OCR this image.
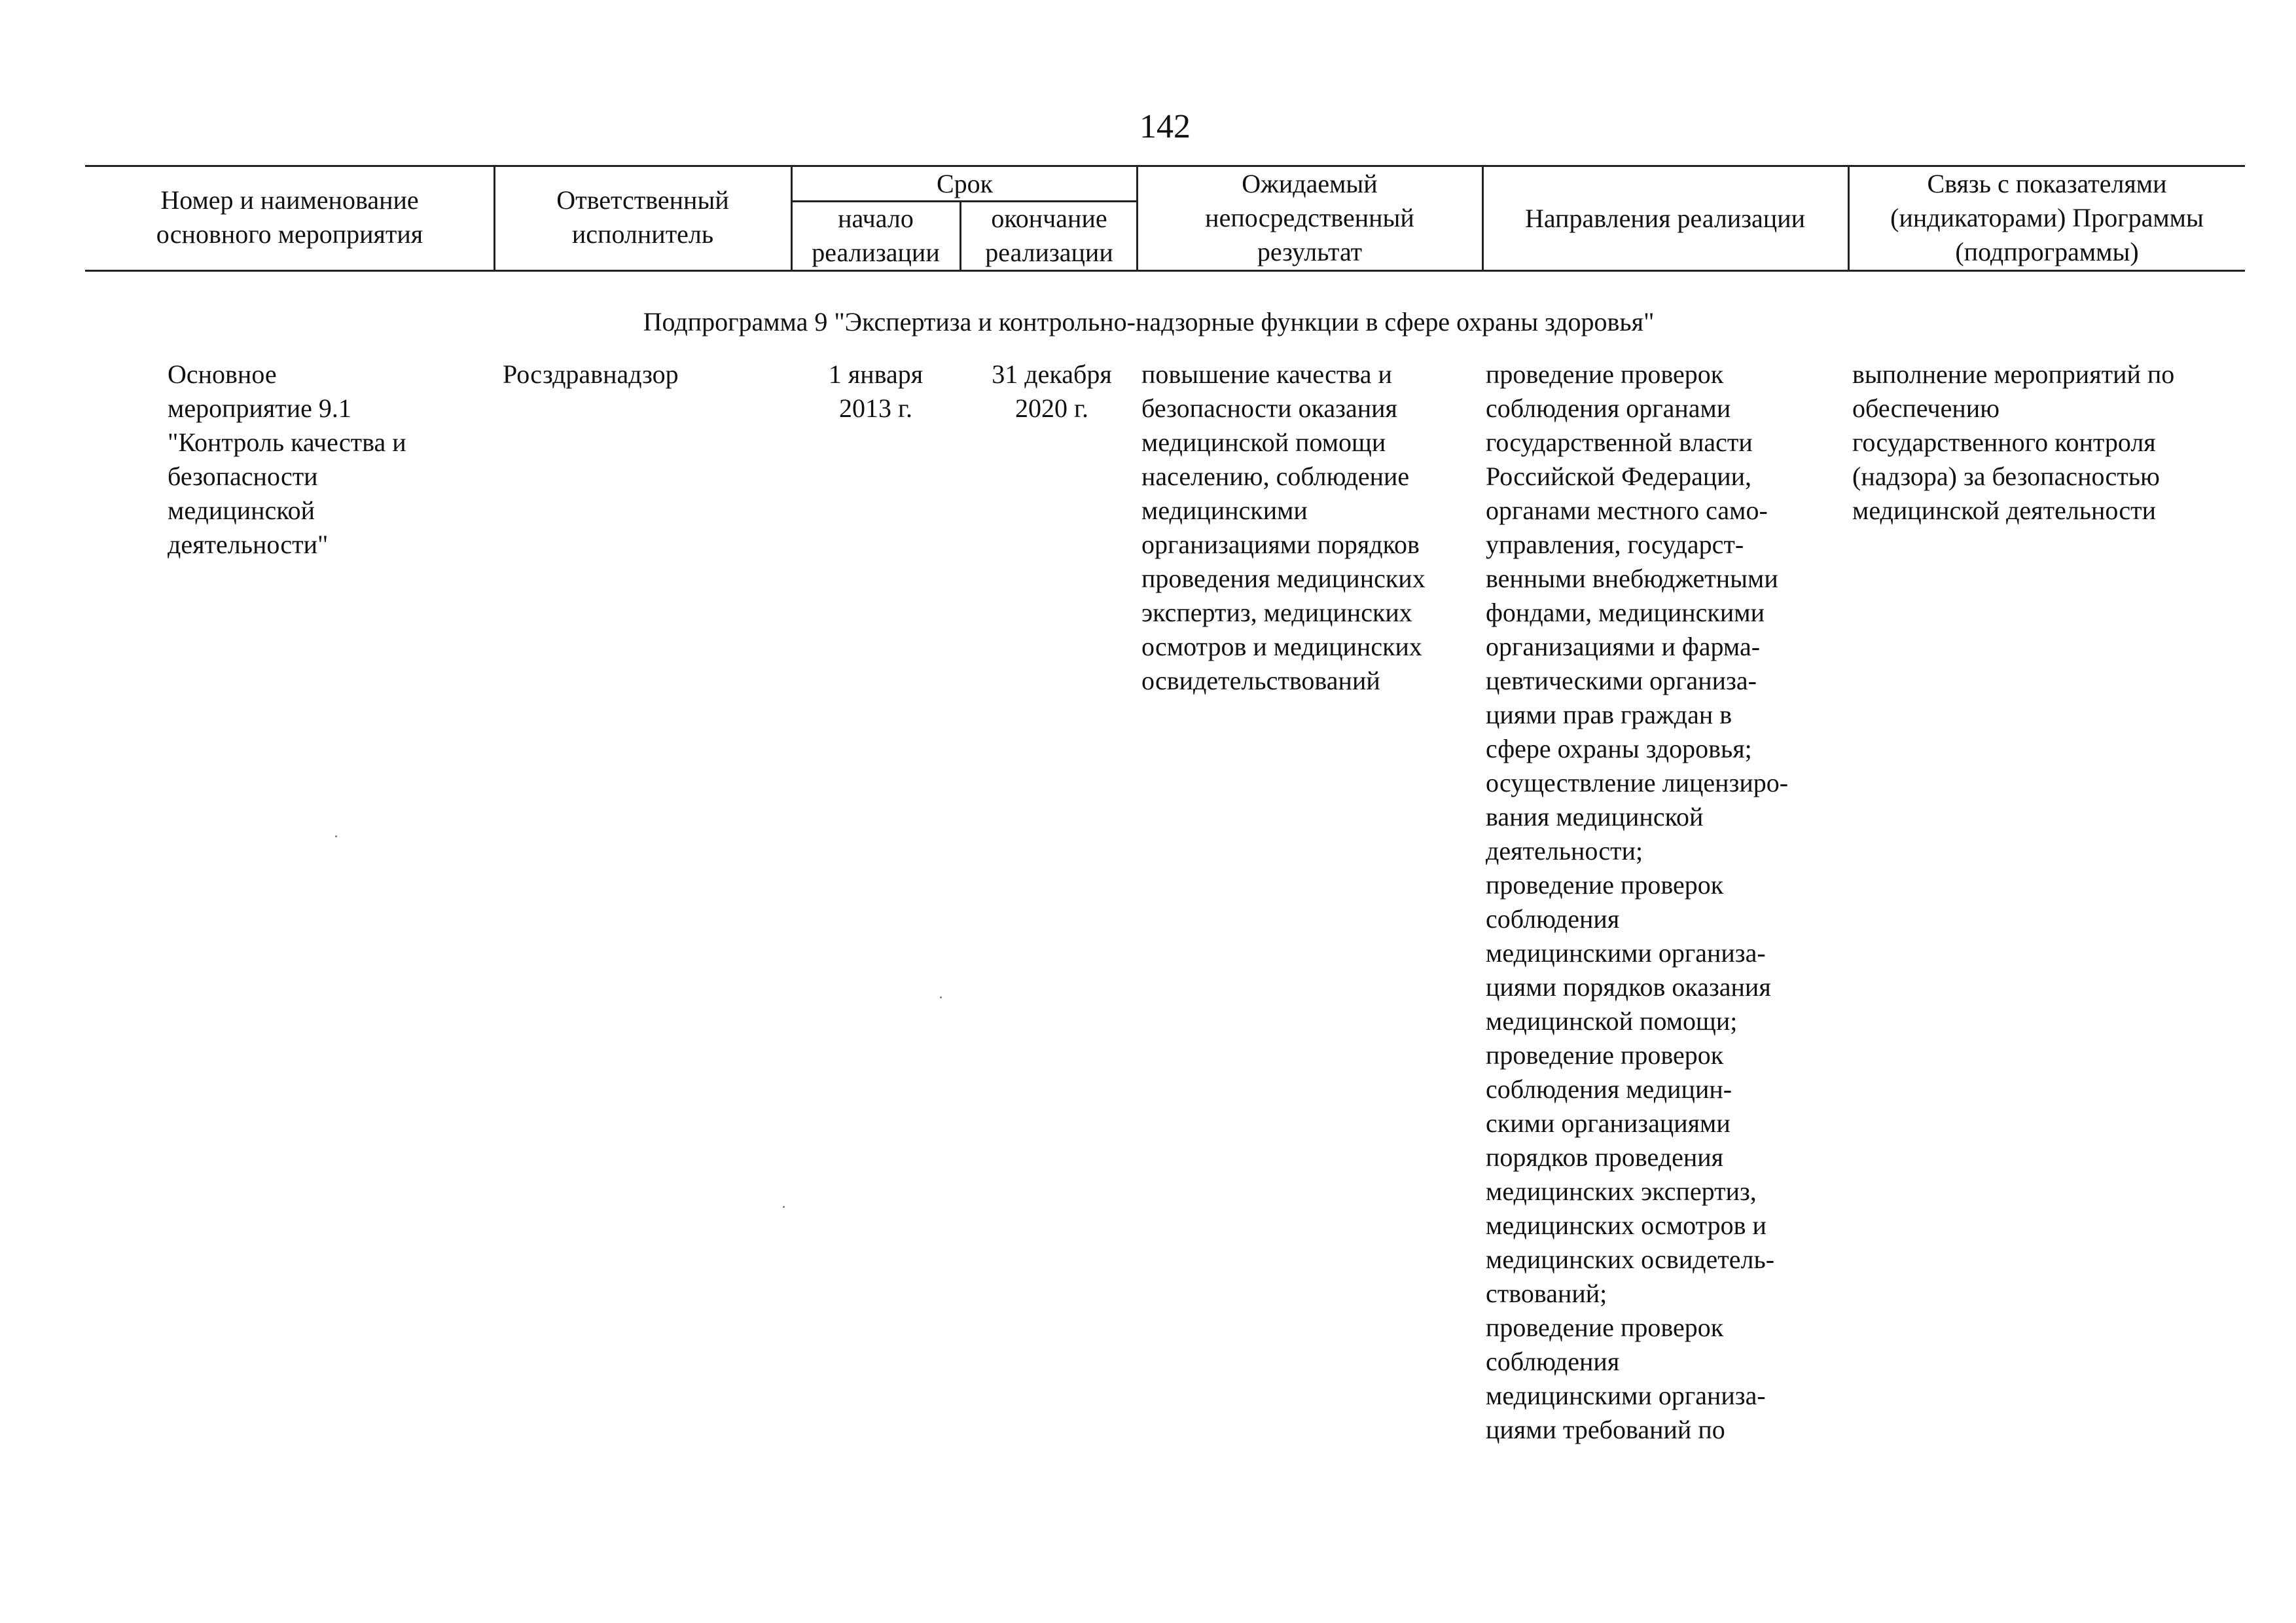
142
Номер и наименование
основного мероприятия
Ответственный
исполнитель
Срок
начало
реализации
окончание
реализации
Ожидаемый
непосредственный
результат
Направления реализации
Связь с показателями
(индикаторами) Программы
(подпрограммы)
Подпрограмма 9 "Экспертиза и контрольно-надзорные функции в сфере охраны здоровья"
Основное
мероприятие 9.1
"Контроль качества и
безопасности
медицинской
деятельности"
Росздравнадзор	1 января
2013 г.
31 декабря
2020 г.
повышение качества и
безопасности оказания
медицинской помощи
населению, соблюдение
медицинскими
организациями порядков
проведения медицинских
экспертиз, медицинских
осмотров и медицинских
освидетельствований
проведение проверок
соблюдения органами
государственной власти
Российской Федерации,
органами местного само-
управления, государст-
венными внебюджетными
фондами, медицинскими
организациями и фарма-
цевтическими организа-
циями прав граждан в
сфере охраны здоровья;
осуществление лицензиро-
вания медицинской
деятельности;
проведение проверок
соблюдения
медицинскими организа-
циями порядков оказания
медицинской помощи;
проведение проверок
соблюдения медицин-
скими организациями
порядков проведения
медицинских экспертиз,
медицинских осмотров и
медицинских освидетель-
ствований;
проведение проверок
соблюдения
медицинскими организа-
циями требований по
выполнение мероприятий по
обеспечению
государственного контроля
(надзора) за безопасностью
медицинской деятельности
